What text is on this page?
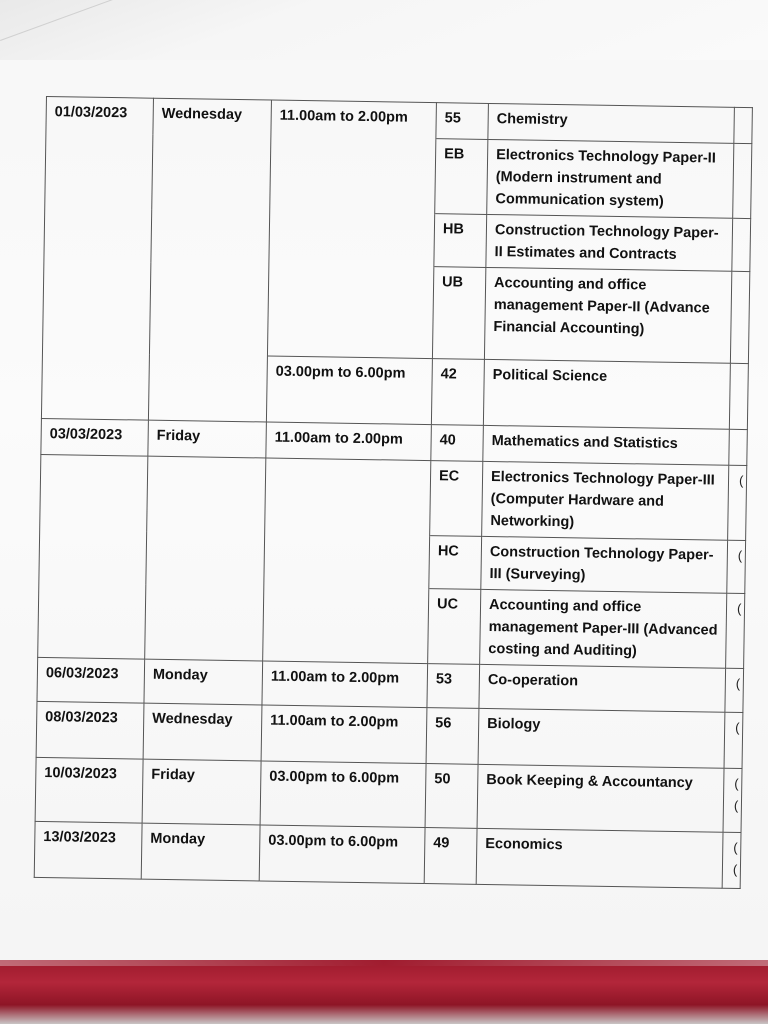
01/03/2023	Wednesday	11.00am to 2.00pm	55	Chemistry	
			EB	Electronics Technology Paper-II (Modern instrument and Communication system)	
			HB	Construction Technology Paper-II Estimates and Contracts	
			UB	Accounting and office management Paper-II (Advance Financial Accounting)	
		03.00pm to 6.00pm	42	Political Science	
03/03/2023	Friday	11.00am to 2.00pm	40	Mathematics and Statistics	
			EC	Electronics Technology Paper-III (Computer Hardware and Networking)	(

			HC	Construction Technology Paper-III (Surveying)	(

			UC	Accounting and office management Paper-III (Advanced costing and Auditing)	(

06/03/2023	Monday	11.00am to 2.00pm	53	Co-operation	(

08/03/2023	Wednesday	11.00am to 2.00pm	56	Biology	(

10/03/2023	Friday	03.00pm to 6.00pm	50	Book Keeping & Accountancy	(
(

13/03/2023	Monday	03.00pm to 6.00pm	49	Economics	(
(
